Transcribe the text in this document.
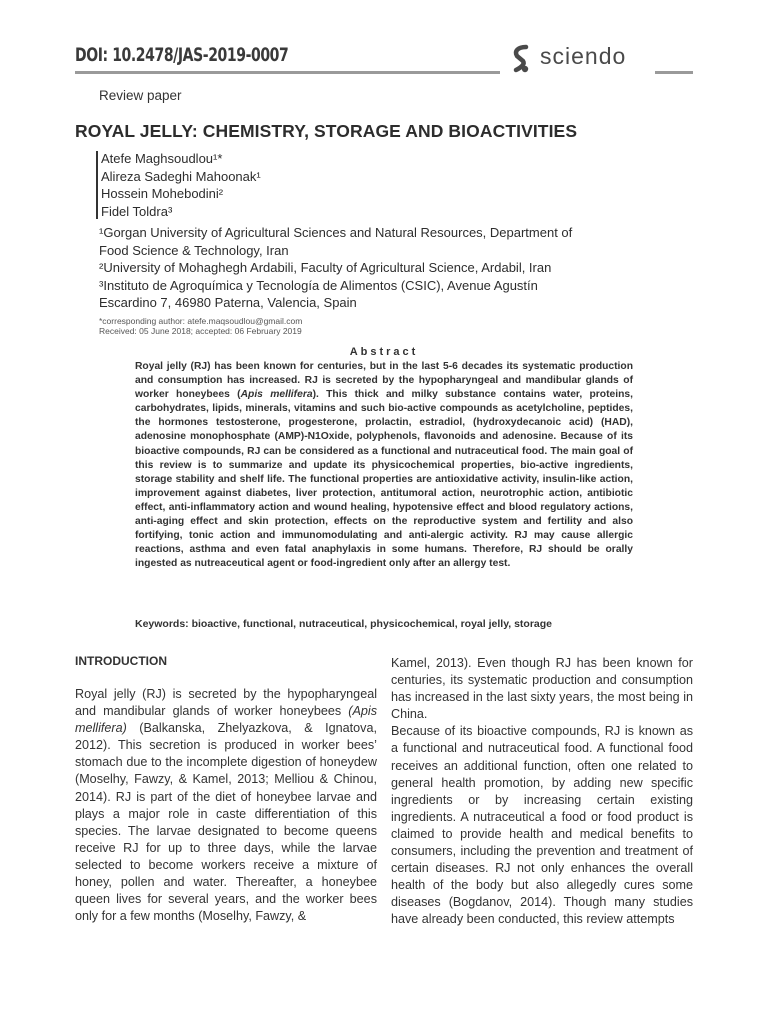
DOI: 10.2478/JAS-2019-0007	sciendo
Review paper
ROYAL JELLY: CHEMISTRY, STORAGE AND BIOACTIVITIES
Atefe Maghsoudlou¹*
Alireza Sadeghi Mahoonak¹
Hossein Mohebodini²
Fidel Toldra³
¹Gorgan University of Agricultural Sciences and Natural Resources, Department of
Food Science & Technology, Iran
²University of Mohaghegh Ardabili, Faculty of Agricultural Science, Ardabil, Iran
³Instituto de Agroquímica y Tecnología de Alimentos (CSIC), Avenue Agustín
Escardino 7, 46980 Paterna, Valencia, Spain
*corresponding author: atefe.maqsoudlou@gmail.com
Received: 05 June 2018; accepted: 06 February 2019
Abstract
Royal jelly (RJ) has been known for centuries, but in the last 5-6 decades its systematic production and consumption has increased. RJ is secreted by the hypopharyngeal and mandibular glands of worker honeybees (Apis mellifera). This thick and milky substance contains water, proteins, carbohydrates, lipids, minerals, vitamins and such bio-active compounds as acetylcholine, peptides, the hormones testosterone, progesterone, prolactin, estradiol, (hydroxydecanoic acid) (HAD), adenosine monophosphate (AMP)-N1Oxide, polyphenols, flavonoids and adenosine. Because of its bioactive compounds, RJ can be considered as a functional and nutraceutical food. The main goal of this review is to summarize and update its physicochemical properties, bio-active ingredients, storage stability and shelf life. The functional properties are antioxidative activity, insulin-like action, improvement against diabetes, liver protection, antitumoral action, neurotrophic action, antibiotic effect, anti-inflammatory action and wound healing, hypotensive effect and blood regulatory actions, anti-aging effect and skin protection, effects on the reproductive system and fertility and also fortifying, tonic action and immunomodulating and anti-alergic activity. RJ may cause allergic reactions, asthma and even fatal anaphylaxis in some humans. Therefore, RJ should be orally ingested as nutreaceutical agent or food-ingredient only after an allergy test.
Keywords: bioactive, functional, nutraceutical, physicochemical, royal jelly, storage
INTRODUCTION

Royal jelly (RJ) is secreted by the hypopharyngeal and mandibular glands of worker honeybees (Apis mellifera) (Balkanska, Zhelyazkova, & Ignatova, 2012). This secretion is produced in worker bees’ stomach due to the incomplete digestion of honeydew (Moselhy, Fawzy, & Kamel, 2013; Melliou & Chinou, 2014). RJ is part of the diet of honeybee larvae and plays a major role in caste differentiation of this species. The larvae designated to become queens receive RJ for up to three days, while the larvae selected to become workers receive a mixture of honey, pollen and water. Thereafter, a honeybee queen lives for several years, and the worker bees only for a few months (Moselhy, Fawzy, &

Kamel, 2013). Even though RJ has been known for centuries, its systematic production and consumption has increased in the last sixty years, the most being in China.

Because of its bioactive compounds, RJ is known as a functional and nutraceutical food. A functional food receives an additional function, often one related to general health promotion, by adding new specific ingredients or by increasing certain existing ingredients. A nutraceutical a food or food product is claimed to provide health and medical benefits to consumers, including the prevention and treatment of certain diseases. RJ not only enhances the overall health of the body but also allegedly cures some diseases (Bogdanov, 2014). Though many studies have already been conducted, this review attempts
